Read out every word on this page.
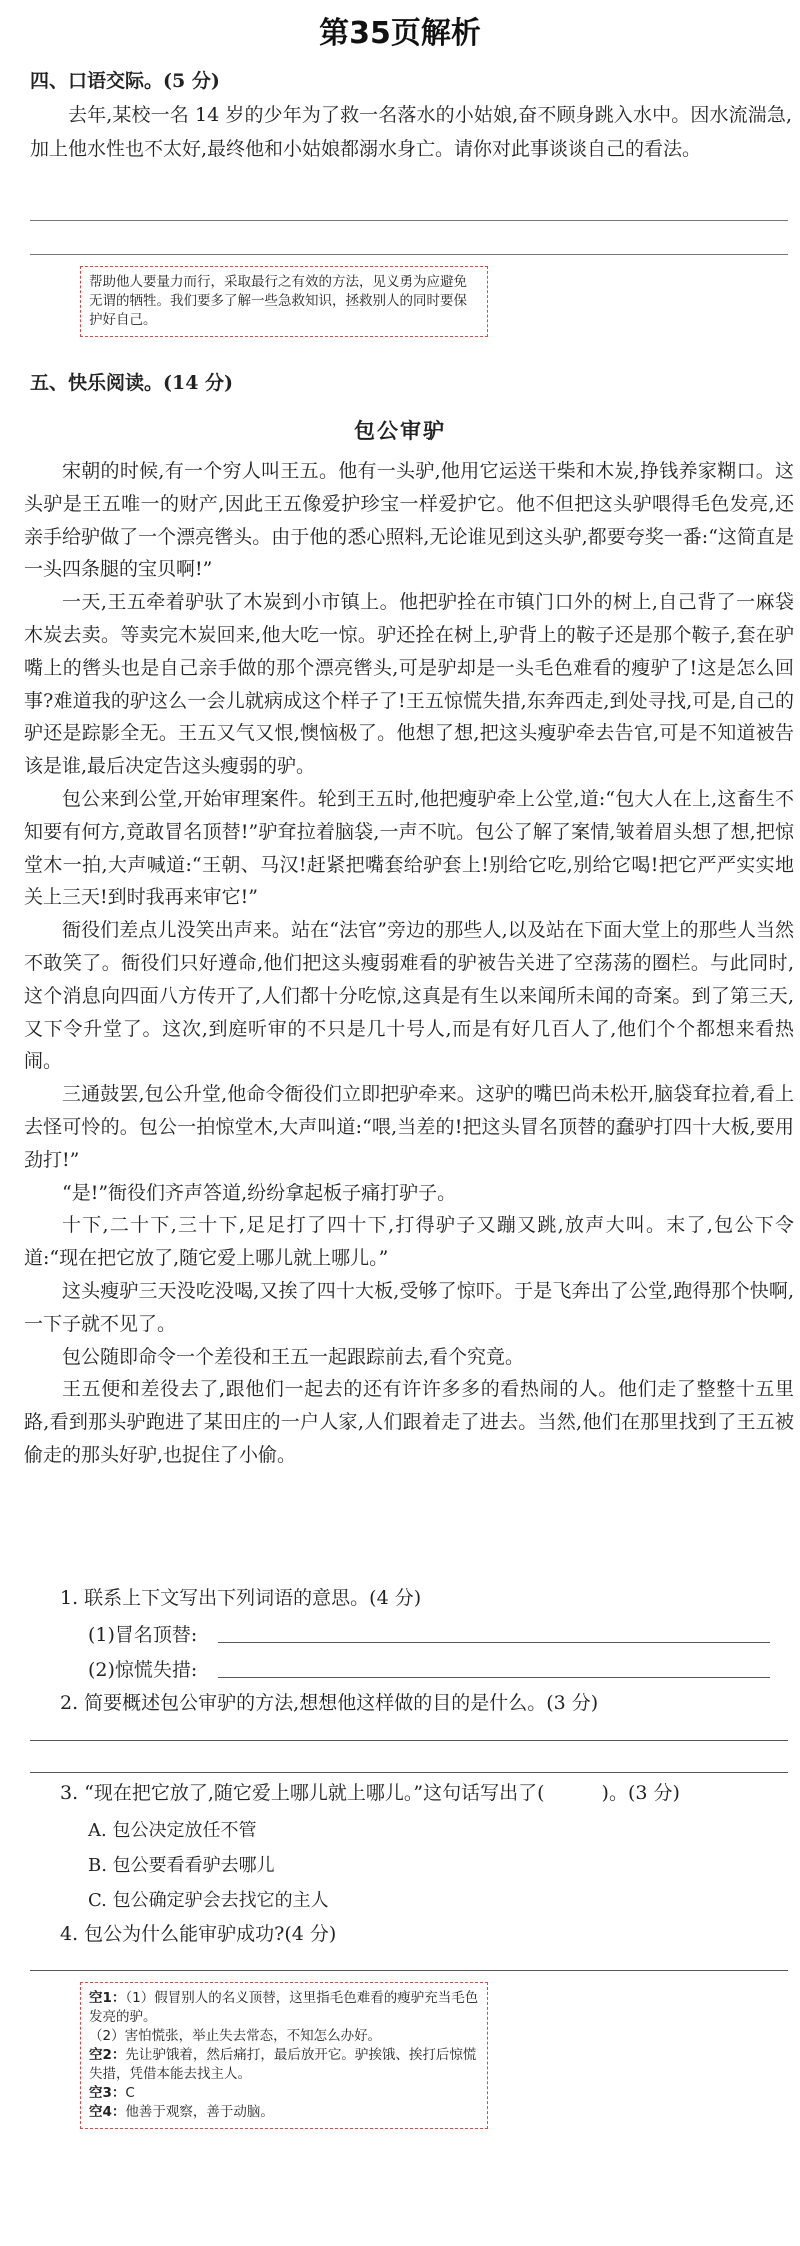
第35页解析
四、口语交际。(5 分)

去年,某校一名 14 岁的少年为了救一名落水的小姑娘,奋不顾身跳入水中。因水流湍急,加上他水性也不太好,最终他和小姑娘都溺水身亡。请你对此事谈谈自己的看法。

帮助他人要量力而行，采取最行之有效的方法，见义勇为应避免无谓的牺牲。我们要多了解一些急救知识，拯救别人的同时要保护好自己。

五、快乐阅读。(14 分)
包公审驴

宋朝的时候,有一个穷人叫王五。他有一头驴,他用它运送干柴和木炭,挣钱养家糊口。这头驴是王五唯一的财产,因此王五像爱护珍宝一样爱护它。他不但把这头驴喂得毛色发亮,还亲手给驴做了一个漂亮辔头。由于他的悉心照料,无论谁见到这头驴,都要夸奖一番:“这简直是一头四条腿的宝贝啊!”

一天,王五牵着驴驮了木炭到小市镇上。他把驴拴在市镇门口外的树上,自己背了一麻袋木炭去卖。等卖完木炭回来,他大吃一惊。驴还拴在树上,驴背上的鞍子还是那个鞍子,套在驴嘴上的辔头也是自己亲手做的那个漂亮辔头,可是驴却是一头毛色难看的瘦驴了!这是怎么回事?难道我的驴这么一会儿就病成这个样子了!王五惊慌失措,东奔西走,到处寻找,可是,自己的驴还是踪影全无。王五又气又恨,懊恼极了。他想了想,把这头瘦驴牵去告官,可是不知道被告该是谁,最后决定告这头瘦弱的驴。

包公来到公堂,开始审理案件。轮到王五时,他把瘦驴牵上公堂,道:“包大人在上,这畜生不知要有何方,竟敢冒名顶替!”驴耷拉着脑袋,一声不吭。包公了解了案情,皱着眉头想了想,把惊堂木一拍,大声喊道:“王朝、马汉!赶紧把嘴套给驴套上!别给它吃,别给它喝!把它严严实实地关上三天!到时我再来审它!”

衙役们差点儿没笑出声来。站在“法官”旁边的那些人,以及站在下面大堂上的那些人当然不敢笑了。衙役们只好遵命,他们把这头瘦弱难看的驴被告关进了空荡荡的圈栏。与此同时,这个消息向四面八方传开了,人们都十分吃惊,这真是有生以来闻所未闻的奇案。到了第三天,又下令升堂了。这次,到庭听审的不只是几十号人,而是有好几百人了,他们个个都想来看热闹。

三通鼓罢,包公升堂,他命令衙役们立即把驴牵来。这驴的嘴巴尚未松开,脑袋耷拉着,看上去怪可怜的。包公一拍惊堂木,大声叫道:“喂,当差的!把这头冒名顶替的蠢驴打四十大板,要用劲打!”

“是!”衙役们齐声答道,纷纷拿起板子痛打驴子。

十下,二十下,三十下,足足打了四十下,打得驴子又蹦又跳,放声大叫。末了,包公下令道:“现在把它放了,随它爱上哪儿就上哪儿。”

这头瘦驴三天没吃没喝,又挨了四十大板,受够了惊吓。于是飞奔出了公堂,跑得那个快啊,一下子就不见了。

包公随即命令一个差役和王五一起跟踪前去,看个究竟。

王五便和差役去了,跟他们一起去的还有许许多多的看热闹的人。他们走了整整十五里路,看到那头驴跑进了某田庄的一户人家,人们跟着走了进去。当然,他们在那里找到了王五被偷走的那头好驴,也捉住了小偷。

1. 联系上下文写出下列词语的意思。(4 分)
(1)冒名顶替:
(2)惊慌失措:
2. 简要概述包公审驴的方法,想想他这样做的目的是什么。(3 分)
3. “现在把它放了,随它爱上哪儿就上哪儿。”这句话写出了(　　　)。(3 分)
A. 包公决定放任不管
B. 包公要看看驴去哪儿
C. 包公确定驴会去找它的主人
4. 包公为什么能审驴成功?(4 分)

空1：（1）假冒别人的名义顶替，这里指毛色难看的瘦驴充当毛色发亮的驴。

（2）害怕慌张，举止失去常态，不知怎么办好。

空2：先让驴饿着，然后痛打，最后放开它。驴挨饿、挨打后惊慌失措，凭借本能去找主人。

空3：C

空4：他善于观察，善于动脑。
